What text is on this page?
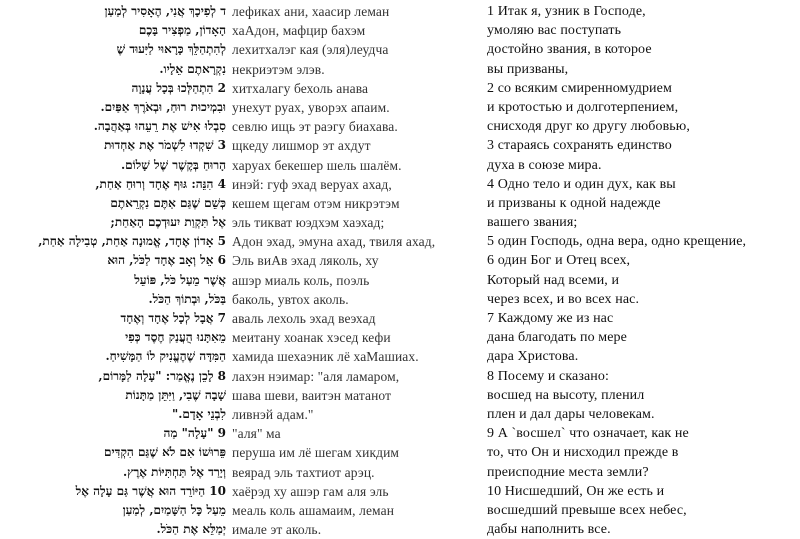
ד לְפִיכָךְ אֲנִי, הֶאָסִיר לְמַעַן
הָאָדוֹן, מַפְצִיר בָּכֶם
לְהִתְהַלֵּךְ כָּרָאוּי לַיִּעוּד שֶׁ
נִקְרָאתֶם אֵלָיו.
2 הִתְהַלְּכוּ בְּכָל עֲנָוָה
וּבִמְיכוּת רוּחַ, וּבְאֹרֶךְ אַפַּיִם.
סִבְלוּ אִישׁ אֶת רֵעֵהוּ בְּאַהֲבָה.
3 שִׁקְדוּ לִשְׁמֹר אֶת אַחְדוּת
הָרוּחַ בְּקֶשֶׁר שֶׁל שָׁלוֹם.
4 הִנֵּה: גּוּף אֶחָד וְרוּחַ אַחַת,
כְּשֵׁם שֶׁגַּם אַתֶּם נִקְרֵאתֶם
אֶל תִּקְוַת יִעוּדְכֶם הָאַחַת;
5 אָדוֹן אֶחָד, אֱמוּנָה אַחַת, טְבִילָה אַחַת,
6 אֵל וְאָב אֶחָד לַכֹּל, הוּא
אֲשֶׁר מֵעַל כֹּל, פּוֹעֵל
בַּכֹּל, וּבְתוֹךְ הַכֹּל.
7 אֲבָל לְכָל אֶחָד וְאֶחָד
מֵאִתָּנוּ הֻעֲנַק חֶסֶד כְּפִי
הַמִּדָּה שֶׁהֶעֱנִיק לוֹ הַמָּשִׁיחַ.
8 לָכֵן נֶאֱמַר: "עָלָה לַמָּרוֹם,
שָׁבָה שֶׁבִי, וַיִּתֵּן מַתָּנוֹת
לִבְנֵי אָדָם."
9 "עָלָה" מַה
פֵּרוּשׁוֹ אִם לֹא שֶׁגַּם הִקְדִּים
וְיָרַד אֶל תַּחְתִּיּוֹת אֶרֶץ.
10 הַיּוֹרֵד הוּא אֲשֶׁר גַּם עָלָה אֶל
מֵעַל כָּל הַשָּׁמַיִם, לְמַעַן
יְמַלֵּא אֶת הַכֹּל.
лефиках ани, хаасир леман
хаАдон, мафцир бахэм
лехитхалэг кая (эля)леудча
некриэтэм элэв.
хитхалагу бехоль анава
унехут руах, уворэх апаим.
севлю ищь эт раэгу биахава.
щкеду лишмор эт ахдут
харуах бекешер шель шалём.
инэй: гуф эхад веруах ахад,
кешем щегам отэм никрэтэм
эль тикват юэдхэм хаэхад;
Адон эхад, эмуна ахад, твиля ахад,
Эль виАв эхад ляколь, ху
ашэр миаль коль, поэль
баколь, увтох аколь.
аваль лехоль эхад веэхад
меитану хоанак хэсед кефи
хамида шехаэник лё хаМашиах.
лахэн нэимар: "аля ламаром,
шава шеви, ваитэн матанот
ливнэй адам."
"аля" ма
перуша им лё шегам хикдим
веярад эль тахтиот арэц.
хаёрэд ху ашэр гам аля эль
меаль коль ашамаим, леман
имале эт аколь.
1 Итак я, узник в Господе,
умоляю вас поступать
достойно звания, в которое
вы призваны,
2 со всяким смиренномудрием
и кротостью и долготерпением,
снисходя друг ко другу любовью,
3 стараясь сохранять единство
духа в союзе мира.
4 Одно тело и один дух, как вы
и призваны к одной надежде
вашего звания;
5 один Господь, одна вера, одно крещение,
6 один Бог и Отец всех,
Который над всеми, и
через всех, и во всех нас.
7 Каждому же из нас
дана благодать по мере
дара Христова.
8 Посему и сказано:
восшед на высоту, пленил
плен и дал дары человекам.
9 А `восшел` что означает, как не
то, что Он и нисходил прежде в
преисподние места земли?
10 Нисшедший, Он же есть и
восшедший превыше всех небес,
дабы наполнить все.
